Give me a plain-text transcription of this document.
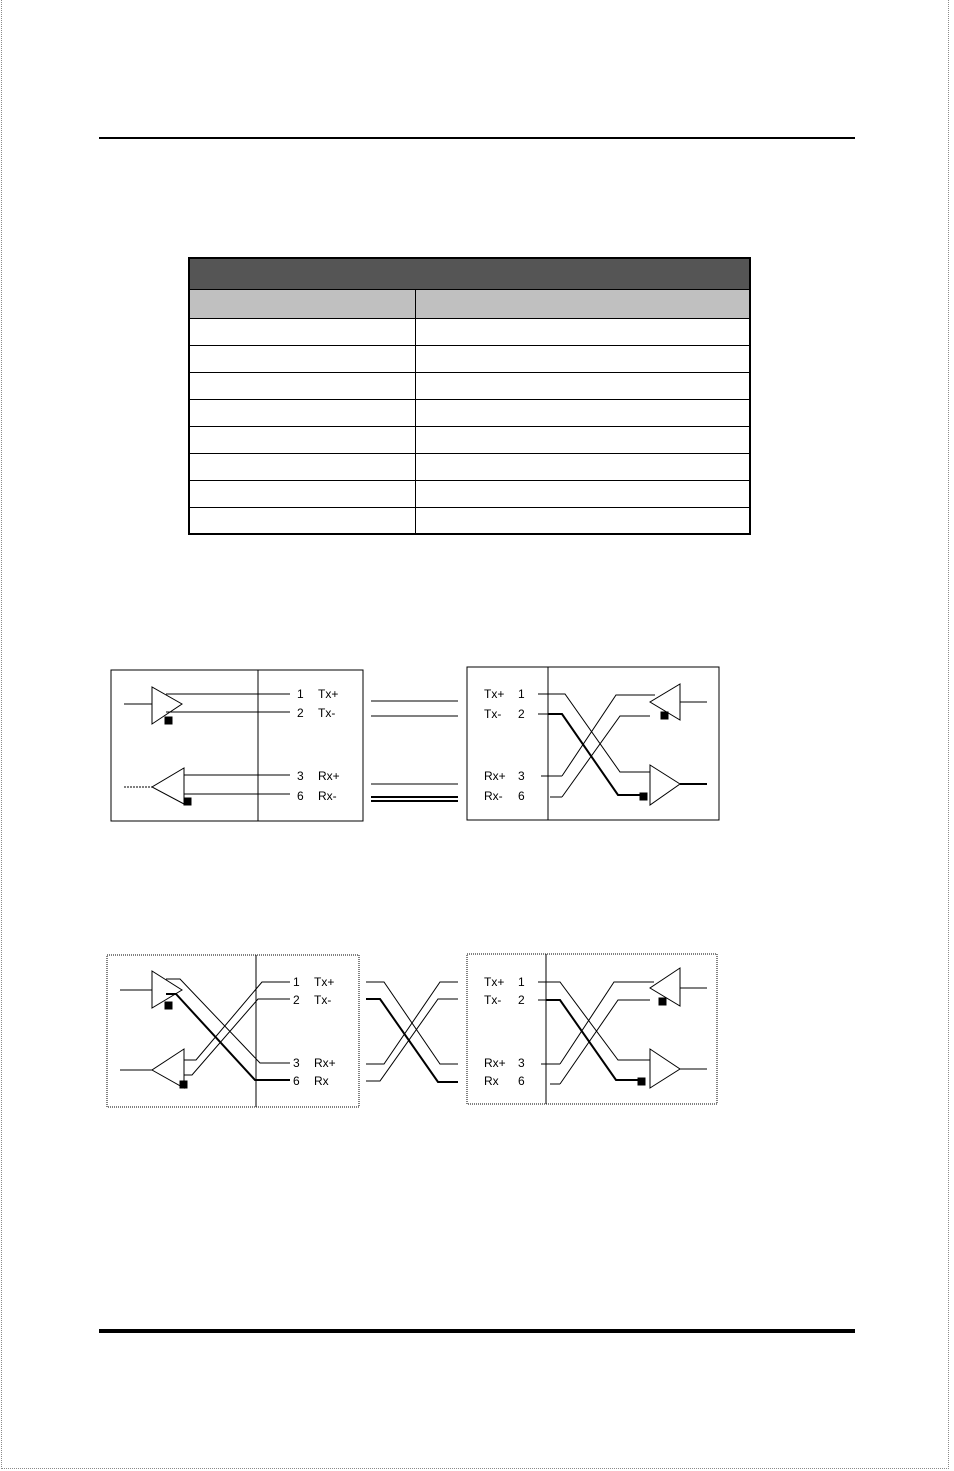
1 Tx+
2 Tx-
3 Rx+
6 Rx-
Tx+ 1
Tx- 2
Rx+ 3
Rx- 6
1 Tx+
2 Tx-
3 Rx+
6 Rx
Tx+ 1
Tx- 2
Rx+ 3
Rx 6
